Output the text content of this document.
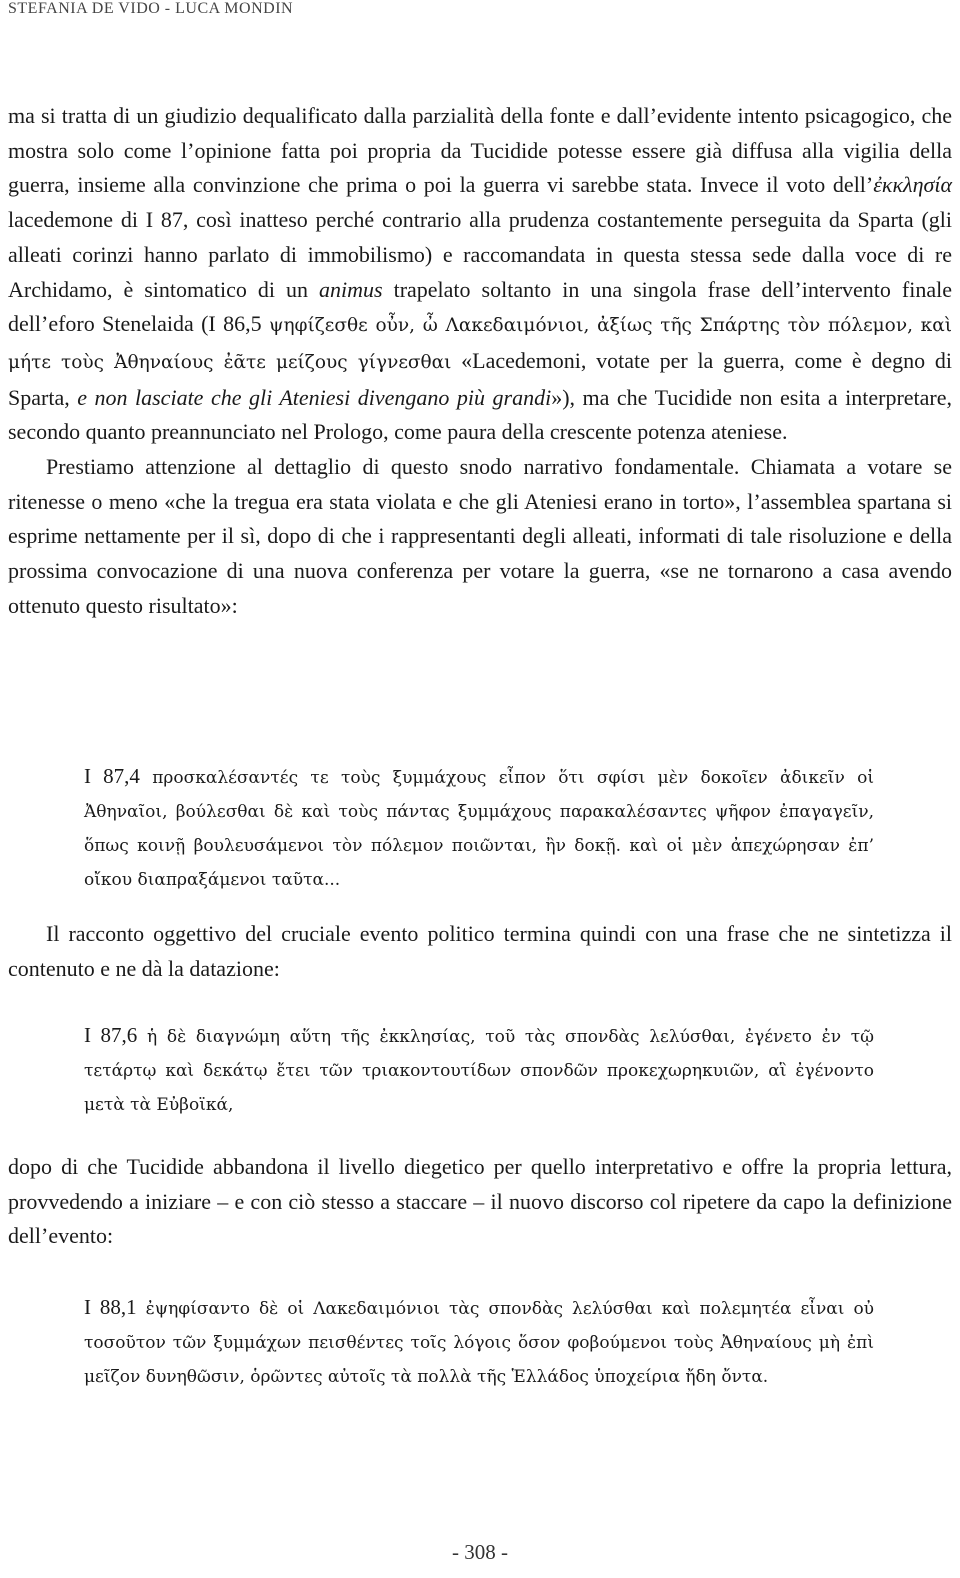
STEFANIA DE VIDO - LUCA MONDIN

ma si tratta di un giudizio dequalificato dalla parzialità della fonte e dall’evidente intento psicagogico, che mostra solo come l’opinione fatta poi propria da Tucidide potesse essere già diffusa alla vigilia della guerra, insieme alla convinzione che prima o poi la guerra vi sarebbe stata. Invece il voto dell’ἐκκλησία lacedemone di I 87, così inatteso perché contrario alla prudenza costantemente perseguita da Sparta (gli alleati corinzi hanno parlato di immobilismo) e raccomandata in questa stessa sede dalla voce di re Archidamo, è sintomatico di un animus trapelato soltanto in una singola frase dell’intervento finale dell’eforo Stenelaida (I 86,5 ψηφίζεσθε οὖν, ὦ Λακεδαιμόνιοι, ἀξίως τῆς Σπάρτης τὸν πόλεμον, καὶ μήτε τοὺς Ἀθηναίους ἐᾶτε μείζους γίγνεσθαι «Lacedemoni, votate per la guerra, come è degno di Sparta, e non lasciate che gli Ateniesi divengano più grandi»), ma che Tucidide non esita a interpretare, secondo quanto preannunciato nel Prologo, come paura della crescente potenza ateniese.
Prestiamo attenzione al dettaglio di questo snodo narrativo fondamentale. Chiamata a votare se ritenesse o meno «che la tregua era stata violata e che gli Ateniesi erano in torto», l’assemblea spartana si esprime nettamente per il sì, dopo di che i rappresentanti degli alleati, informati di tale risoluzione e della prossima convocazione di una nuova conferenza per votare la guerra, «se ne tornarono a casa avendo ottenuto questo risultato»:

I 87,4 προσκαλέσαντές τε τοὺς ξυμμάχους εἶπον ὅτι σφίσι μὲν δοκοῖεν ἀδικεῖν οἱ Ἀθηναῖοι, βούλεσθαι δὲ καὶ τοὺς πάντας ξυμμάχους παρακαλέσαντες ψῆφον ἐπαγαγεῖν, ὅπως κοινῇ βουλευσάμενοι τὸν πόλεμον ποιῶνται, ἢν δοκῇ. καὶ οἱ μὲν ἀπεχώρησαν ἐπ’ οἴκου διαπραξάμενοι ταῦτα...

Il racconto oggettivo del cruciale evento politico termina quindi con una frase che ne sintetizza il contenuto e ne dà la datazione:

I 87,6 ἡ δὲ διαγνώμη αὕτη τῆς ἐκκλησίας, τοῦ τὰς σπονδὰς λελύσθαι, ἐγένετο ἐν τῷ τετάρτῳ καὶ δεκάτῳ ἔτει τῶν τριακοντουτίδων σπονδῶν προκεχωρηκυιῶν, αἳ ἐγένοντο μετὰ τὰ Εὐβοϊκά,

dopo di che Tucidide abbandona il livello diegetico per quello interpretativo e offre la propria lettura, provvedendo a iniziare – e con ciò stesso a staccare – il nuovo discorso col ripetere da capo la definizione dell’evento:

I 88,1 ἐψηφίσαντο δὲ οἱ Λακεδαιμόνιοι τὰς σπονδὰς λελύσθαι καὶ πολεμητέα εἶναι οὐ τοσοῦτον τῶν ξυμμάχων πεισθέντες τοῖς λόγοις ὅσον φοβούμενοι τοὺς Ἀθηναίους μὴ ἐπὶ μεῖζον δυνηθῶσιν, ὁρῶντες αὐτοῖς τὰ πολλὰ τῆς Ἑλλάδος ὑποχείρια ἤδη ὄντα.

- 308 -
